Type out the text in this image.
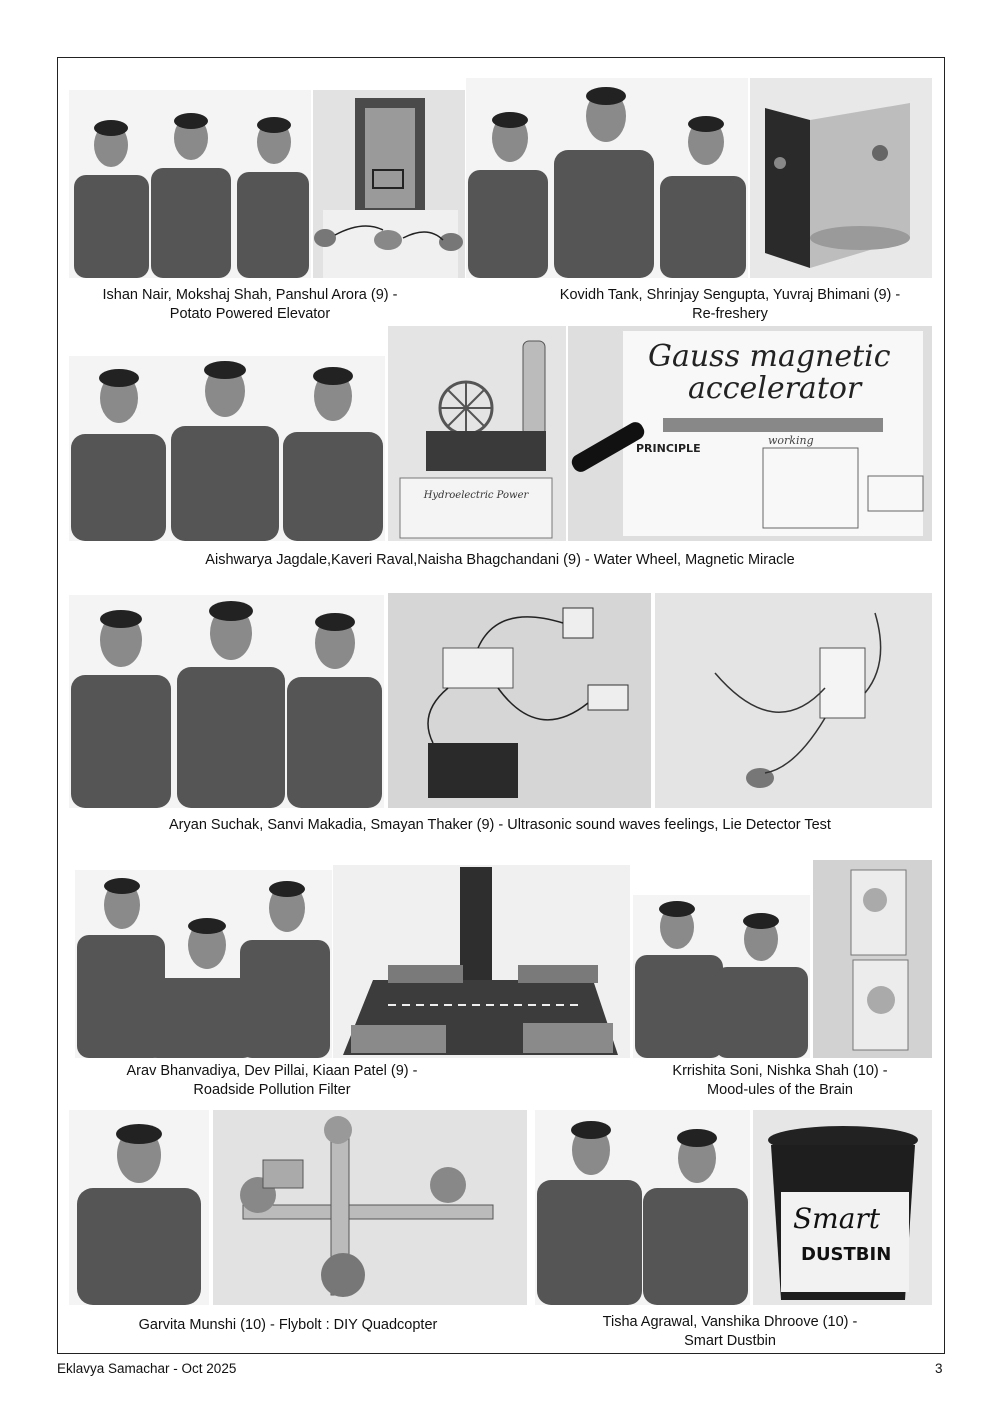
Ishan Nair, Mokshaj Shah, Panshul Arora (9) -
Potato Powered Elevator
Kovidh Tank, Shrinjay Sengupta, Yuvraj Bhimani (9) -
Re-freshery
Hydroelectric Power
Gauss magnetic
accelerator
PRINCIPLE
working
Aishwarya Jagdale,Kaveri Raval,Naisha Bhagchandani (9) - Water Wheel, Magnetic Miracle
Aryan Suchak, Sanvi Makadia, Smayan Thaker (9) - Ultrasonic sound waves feelings, Lie Detector Test
Arav Bhanvadiya, Dev Pillai, Kiaan Patel (9) -
Roadside Pollution Filter
Krrishita Soni, Nishka Shah (10) -
Mood-ules of the Brain
Smart
DUSTBIN
Garvita Munshi (10) - Flybolt : DIY Quadcopter	Tisha Agrawal, Vanshika Dhroove (10) -
Smart Dustbin
Eklavya Samachar - Oct 2025	3
